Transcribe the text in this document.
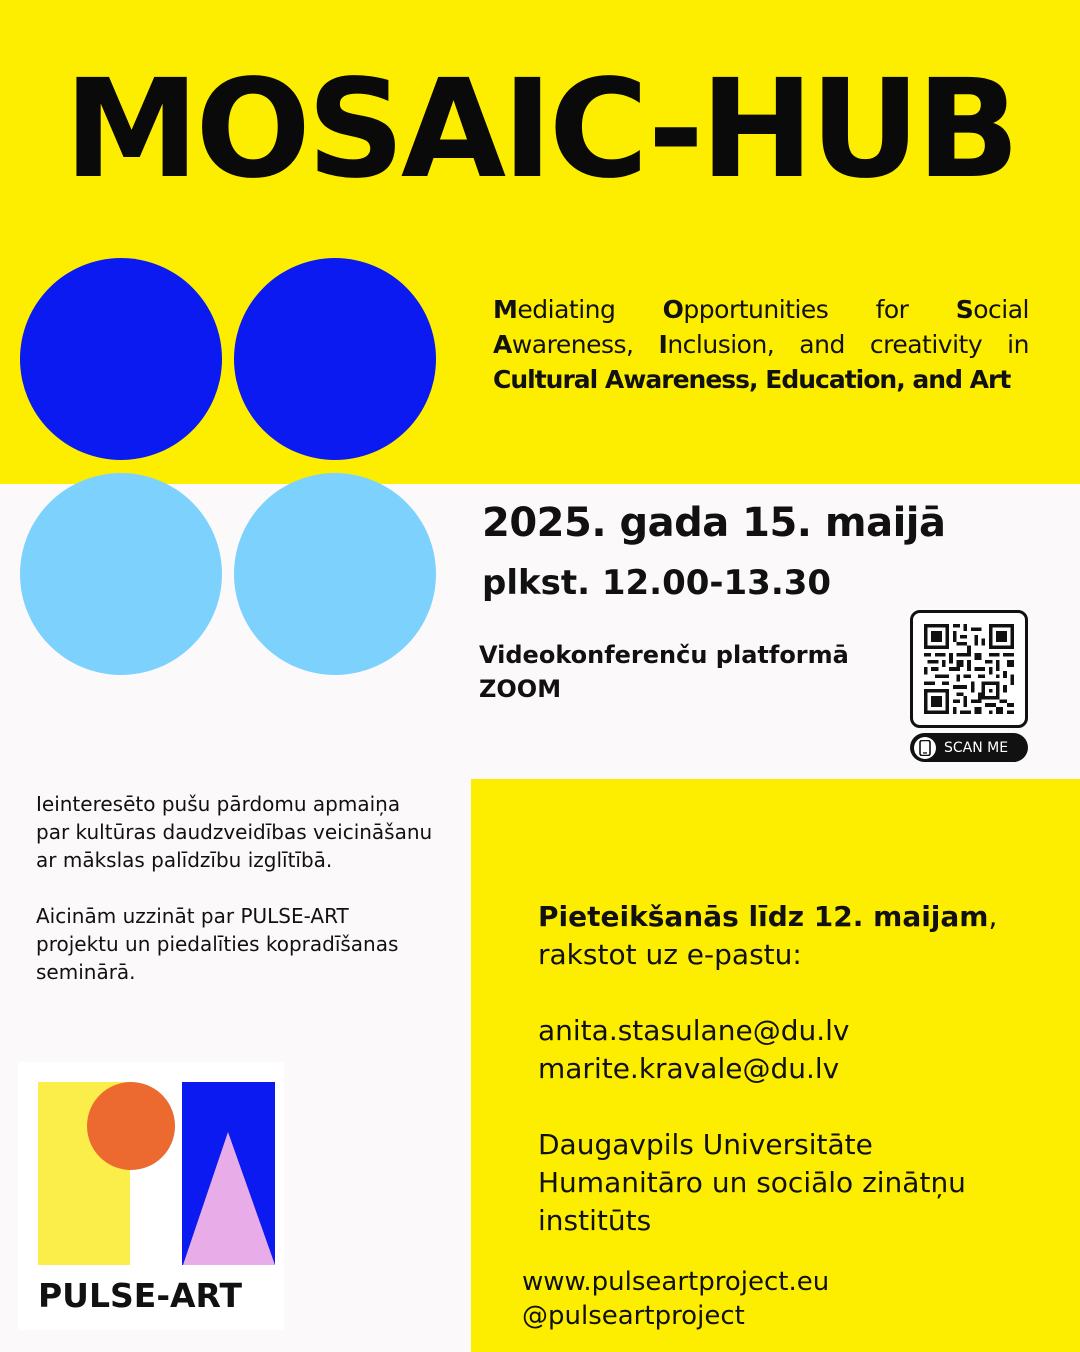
MOSAIC-HUB
Mediating Opportunities for Social
Awareness, Inclusion, and creativity in
Cultural Awareness, Education, and Art
2025. gada 15. maijā
plkst. 12.00-13.30
Videokonferenču platformā
ZOOM
SCAN ME

Ieinteresēto pušu pārdomu apmaiņa par kultūras daudzveidības veicināšanu ar mākslas palīdzību izglītībā.

Aicinām uzzināt par PULSE-ART projektu un piedalīties kopradīšanas seminārā.

Pieteikšanās līdz 12. maijam,
rakstot uz e-pastu:
anita.stasulane@du.lv
marite.kravale@du.lv
Daugavpils Universitāte
Humanitāro un sociālo zinātņu
institūts
www.pulseartproject.eu
@pulseartproject
PULSE-ART
